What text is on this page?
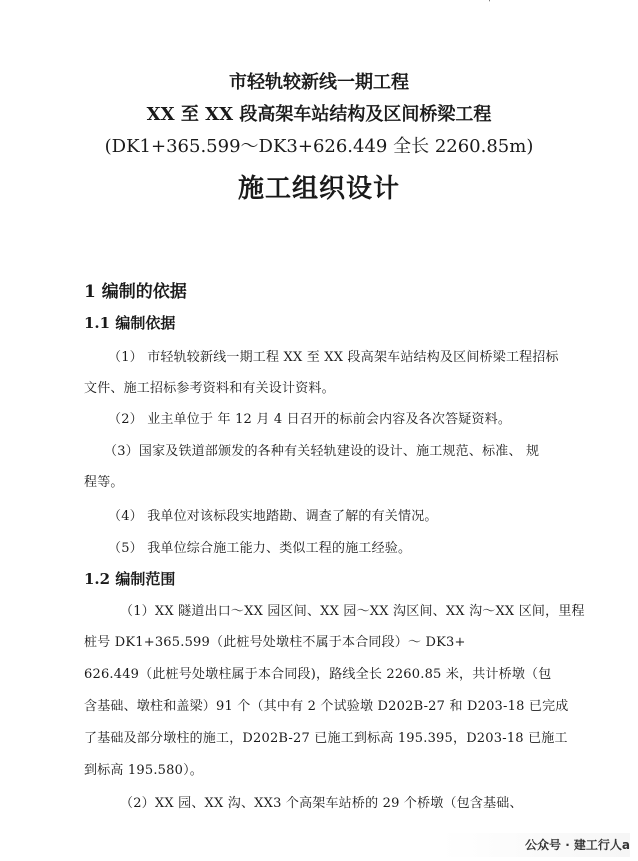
'
市轻轨较新线一期工程
XX 至 XX 段高架车站结构及区间桥梁工程
(DK1+365.599～DK3+626.449 全长 2260.85m)
施工组织设计
1 编制的依据
1.1 编制依据
（1） 市轻轨较新线一期工程 XX 至 XX 段高架车站结构及区间桥梁工程招标
文件、施工招标参考资料和有关设计资料。
（2） 业主单位于 年 12 月 4 日召开的标前会内容及各次答疑资料。
（3）国家及铁道部颁发的各种有关轻轨建设的设计、施工规范、标准、 规
程等。
（4） 我单位对该标段实地踏勘、调查了解的有关情况。
（5） 我单位综合施工能力、类似工程的施工经验。
1.2 编制范围
（1）XX 隧道出口～XX 园区间、XX 园～XX 沟区间、XX 沟～XX 区间，里程
桩号 DK1+365.599（此桩号处墩柱不属于本合同段）～ DK3+
626.449（此桩号处墩柱属于本合同段)，路线全长 2260.85 米，共计桥墩（包
含基础、墩柱和盖梁）91 个（其中有 2 个试验墩 D202B-27 和 D203-18 已完成
了基础及部分墩柱的施工，D202B-27 已施工到标高 195.395，D203-18 已施工
到标高 195.580）。
（2）XX 园、XX 沟、XX3 个高架车站桥的 29 个桥墩（包含基础、
公众号 ∙ 建工行人a
